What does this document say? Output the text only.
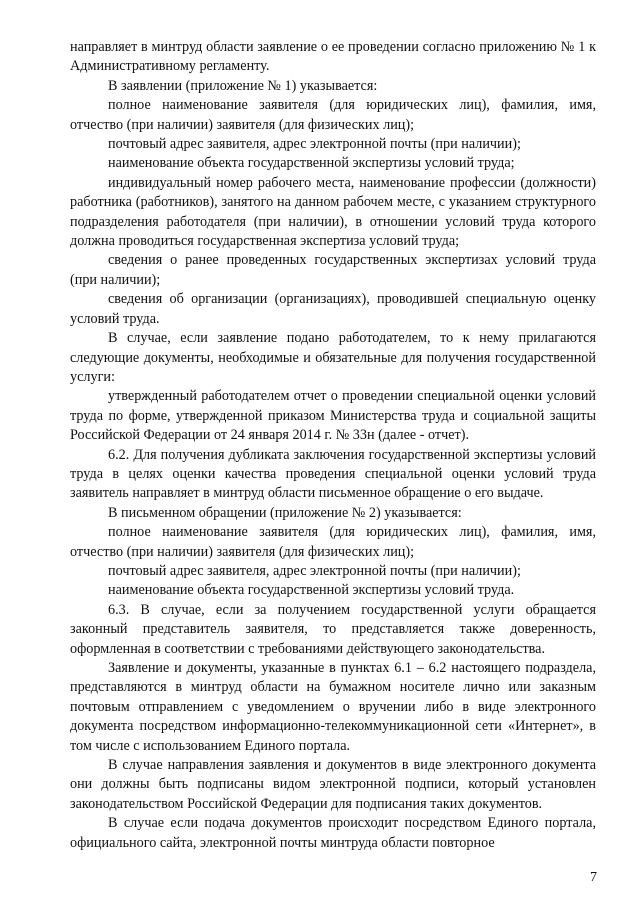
направляет в минтруд области заявление о ее проведении согласно приложению № 1 к Административному регламенту.

В заявлении (приложение № 1) указывается:

полное наименование заявителя (для юридических лиц), фамилия, имя, отчество (при наличии) заявителя (для физических лиц);

почтовый адрес заявителя, адрес электронной почты (при наличии);

наименование объекта государственной экспертизы условий труда;

индивидуальный номер рабочего места, наименование профессии (должности) работника (работников), занятого на данном рабочем месте, с указанием структурного подразделения работодателя (при наличии), в отношении условий труда которого должна проводиться государственная экспертиза условий труда;

сведения о ранее проведенных государственных экспертизах условий труда (при наличии);

сведения об организации (организациях), проводившей специальную оценку условий труда.

В случае, если заявление подано работодателем, то к нему прилагаются следующие документы, необходимые и обязательные для получения государственной услуги:

утвержденный работодателем отчет о проведении специальной оценки условий труда по форме, утвержденной приказом Министерства труда и социальной защиты Российской Федерации от 24 января 2014 г. № 33н (далее - отчет).

6.2. Для получения дубликата заключения государственной экспертизы условий труда в целях оценки качества проведения специальной оценки условий труда заявитель направляет в минтруд области письменное обращение о его выдаче.

В письменном обращении (приложение № 2) указывается:

полное наименование заявителя (для юридических лиц), фамилия, имя, отчество (при наличии) заявителя (для физических лиц);

почтовый адрес заявителя, адрес электронной почты (при наличии);

наименование объекта государственной экспертизы условий труда.

6.3. В случае, если за получением государственной услуги обращается законный представитель заявителя, то представляется также доверенность, оформленная в соответствии с требованиями действующего законодательства.

Заявление и документы, указанные в пунктах 6.1 – 6.2 настоящего подраздела, представляются в минтруд области на бумажном носителе лично или заказным почтовым отправлением с уведомлением о вручении либо в виде электронного документа посредством информационно-телекоммуникационной сети «Интернет», в том числе с использованием Единого портала.

В случае направления заявления и документов в виде электронного документа они должны быть подписаны видом электронной подписи, который установлен законодательством Российской Федерации для подписания таких документов.

В случае если подача документов происходит посредством Единого портала, официального сайта, электронной почты минтруда области повторное

7
